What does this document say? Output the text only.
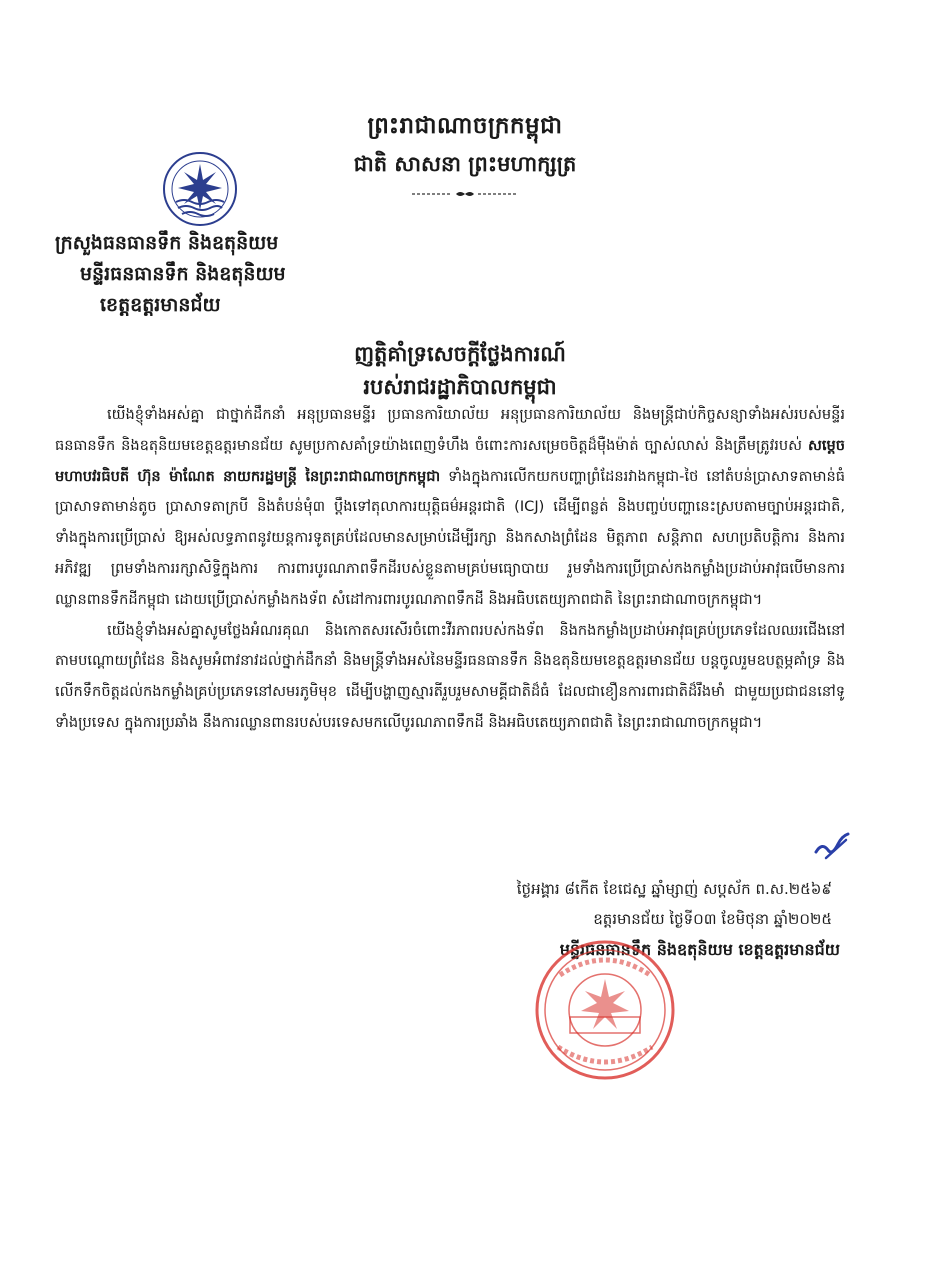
ព្រះរាជាណាចក្រកម្ពុជា
ជាតិ សាសនា ព្រះមហាក្សត្រ
ក្រសួងធនធានទឹក និងឧតុនិយម
មន្ទីរធនធានទឹក និងឧតុនិយម
ខេត្តឧត្តរមានជ័យ
ញត្តិគាំទ្រសេចក្តីថ្លែងការណ៍
របស់រាជរដ្ឋាភិបាលកម្ពុជា

យើងខ្ញុំទាំងអស់គ្នា ជាថ្នាក់ដឹកនាំ អនុប្រធានមន្ទីរ ប្រធានការិយាល័យ អនុប្រធានការិយាល័យ និងមន្ត្រីជាប់កិច្ចសន្យាទាំងអស់របស់មន្ទីរធនធានទឹក និងឧតុនិយមខេត្តឧត្តរមានជ័យ សូមប្រកាសគាំទ្រយ៉ាងពេញទំហឹង ចំពោះការសម្រេចចិត្តដ៏ម៉ឺងម៉ាត់ ច្បាស់លាស់ និងត្រឹមត្រូវរបស់ សម្តេចមហាបវរធិបតី ហ៊ុន ម៉ាណែត នាយករដ្ឋមន្ត្រី នៃព្រះរាជាណាចក្រកម្ពុជា ទាំងក្នុងការលើកយកបញ្ហាព្រំដែនរវាងកម្ពុជា-ថៃ នៅតំបន់ប្រាសាទតាមាន់ធំ ប្រាសាទតាមាន់តូច ប្រាសាទតាក្របី និងតំបន់មុំ៣ ប្ដឹងទៅតុលាការយុត្តិធម៌អន្តរជាតិ (ICJ) ដើម្បីពន្លត់ និងបញ្ចប់បញ្ហានេះស្របតាមច្បាប់អន្តរជាតិ, ទាំងក្នុងការប្រើប្រាស់ ឱ្យអស់លទ្ធភាពនូវយន្តការទូតគ្រប់ដែលមានសម្រាប់ដើម្បីរក្សា និងកសាងព្រំដែន មិត្តភាព សន្តិភាព សហប្រតិបត្តិការ និងការអភិវឌ្ឍ ព្រមទាំងការរក្សាសិទ្ធិក្នុងការ ការពារបូរណភាពទឹកដីរបស់ខ្លួនតាមគ្រប់មធ្យោបាយ រួមទាំងការប្រើប្រាស់កងកម្លាំងប្រដាប់អាវុធបើមានការឈ្លានពានទឹកដីកម្ពុជា ដោយប្រើប្រាស់កម្លាំងកងទ័ព សំដៅការពារបូរណភាពទឹកដី និងអធិបតេយ្យភាពជាតិ នៃព្រះរាជាណាចក្រកម្ពុជា។

យើងខ្ញុំទាំងអស់គ្នាសូមថ្លែងអំណរគុណ និងកោតសរសើរចំពោះវីរភាពរបស់កងទ័ព និងកងកម្លាំងប្រដាប់អាវុធគ្រប់ប្រភេទដែលឈរជើងនៅតាមបណ្តោយព្រំដែន និងសូមអំពាវនាវដល់ថ្នាក់ដឹកនាំ និងមន្ត្រីទាំងអស់នៃមន្ទីរធនធានទឹក និងឧតុនិយមខេត្តឧត្តរមានជ័យ បន្តចូលរួមឧបត្ថម្ភគាំទ្រ និងលើកទឹកចិត្តដល់កងកម្លាំងគ្រប់ប្រភេទនៅសមរភូមិមុខ ដើម្បីបង្ហាញស្មារតីរួបរួមសាមគ្គីជាតិដ៏ធំ ដែលជាខឿនការពារជាតិដ៏រឹងមាំ ជាមួយប្រជាជននៅទូទាំងប្រទេស ក្នុងការប្រឆាំង នឹងការឈ្លានពានរបស់បរទេសមកលើបូរណភាពទឹកដី និងអធិបតេយ្យភាពជាតិ នៃព្រះរាជាណាចក្រកម្ពុជា។

ថ្ងៃអង្គារ ៨កើត ខែជេស្ឋ ឆ្នាំម្សាញ់ សប្តស័ក ព.ស.២៥៦៩
ឧត្តរមានជ័យ ថ្ងៃទី០៣ ខែមិថុនា ឆ្នាំ២០២៥
មន្ទីរធនធានទឹក និងឧតុនិយម ខេត្តឧត្តរមានជ័យ
